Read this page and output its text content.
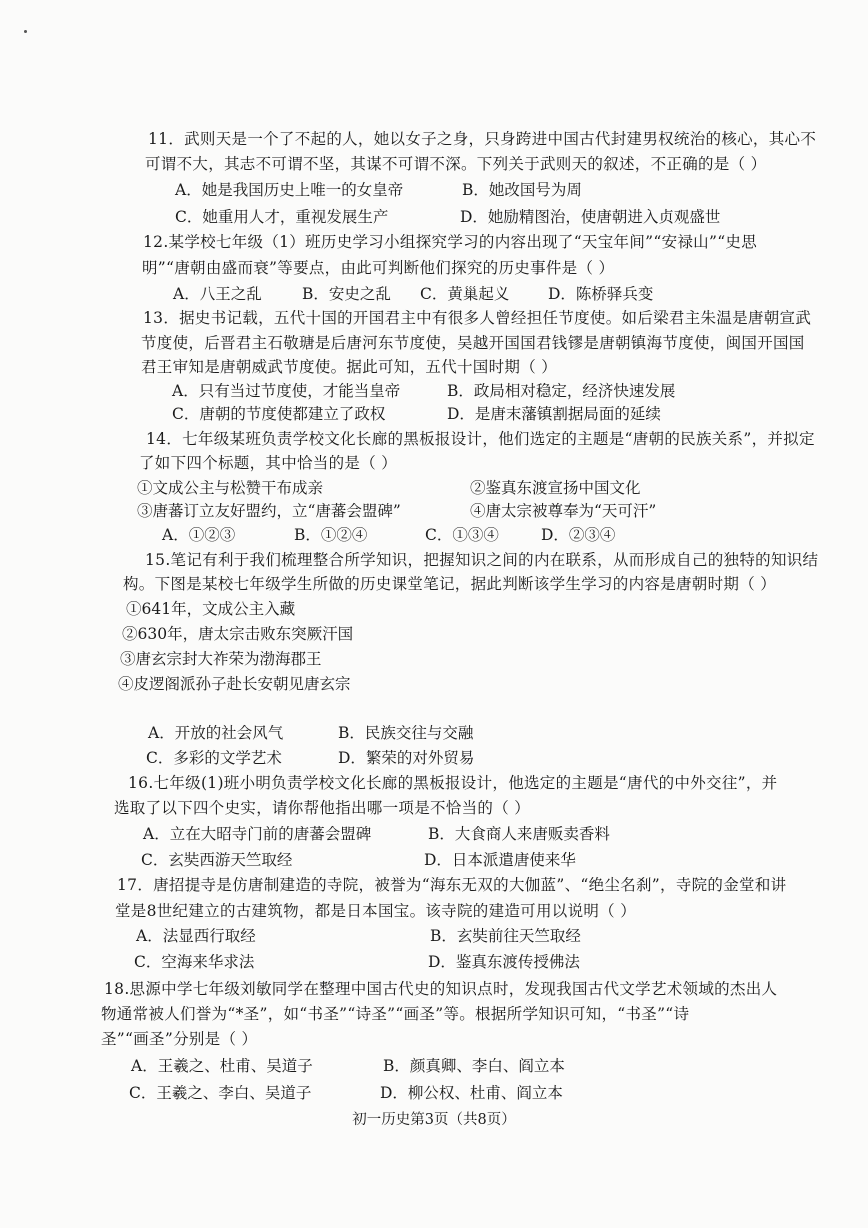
11．武则天是一个了不起的人，她以女子之身，只身跨进中国古代封建男权统治的核心，其心不
可谓不大，其志不可谓不坚，其谋不可谓不深。下列关于武则天的叙述，不正确的是（ ）
A．她是我国历史上唯一的女皇帝	B．她改国号为周
C．她重用人才，重视发展生产	D．她励精图治，使唐朝进入贞观盛世
12.某学校七年级（1）班历史学习小组探究学习的内容出现了“天宝年间”“安禄山”“史思
明”“唐朝由盛而衰”等要点，由此可判断他们探究的历史事件是（ ）
A．八王之乱	B．安史之乱 C．黄巢起义 D．陈桥驿兵变
13．据史书记载，五代十国的开国君主中有很多人曾经担任节度使。如后梁君主朱温是唐朝宣武
节度使，后晋君主石敬瑭是后唐河东节度使，吴越开国国君钱镠是唐朝镇海节度使，闽国开国国
君王审知是唐朝威武节度使。据此可知，五代十国时期（ ）
A．只有当过节度使，才能当皇帝	B．政局相对稳定，经济快速发展
C．唐朝的节度使都建立了政权	D．是唐末藩镇割据局面的延续
14．七年级某班负责学校文化长廊的黑板报设计，他们选定的主题是“唐朝的民族关系”，并拟定
了如下四个标题，其中恰当的是（ ）
①文成公主与松赞干布成亲	②鉴真东渡宣扬中国文化
③唐蕃订立友好盟约，立“唐蕃会盟碑”	④唐太宗被尊奉为“天可汗”
A．①②③	B．①②④	C．①③④	D．②③④
15.笔记有利于我们梳理整合所学知识，把握知识之间的内在联系，从而形成自己的独特的知识结
构。下图是某校七年级学生所做的历史课堂笔记，据此判断该学生学习的内容是唐朝时期（ ）
①641年，文成公主入藏
②630年，唐太宗击败东突厥汗国
③唐玄宗封大祚荣为渤海郡王
④皮逻阁派孙子赴长安朝见唐玄宗
A．开放的社会风气	B．民族交往与交融
C．多彩的文学艺术	D．繁荣的对外贸易
16.七年级(1)班小明负责学校文化长廊的黑板报设计，他选定的主题是“唐代的中外交往”，并
选取了以下四个史实，请你帮他指出哪一项是不恰当的（ ）
A．立在大昭寺门前的唐蕃会盟碑	B．大食商人来唐贩卖香料
C．玄奘西游天竺取经	D．日本派遣唐使来华
17．唐招提寺是仿唐制建造的寺院，被誉为“海东无双的大伽蓝”、“绝尘名刹”，寺院的金堂和讲
堂是8世纪建立的古建筑物，都是日本国宝。该寺院的建造可用以说明（ ）
A．法显西行取经	B．玄奘前往天竺取经
C．空海来华求法	D．鉴真东渡传授佛法
18.思源中学七年级刘敏同学在整理中国古代史的知识点时，发现我国古代文学艺术领域的杰出人
物通常被人们誉为“*圣”，如“书圣”“诗圣”“画圣”等。根据所学知识可知，“书圣”“诗
圣”“画圣”分别是（ ）
A．王羲之、杜甫、吴道子	B．颜真卿、李白、阎立本
C．王羲之、李白、吴道子	D．柳公权、杜甫、阎立本
初一历史第3页（共8页）
